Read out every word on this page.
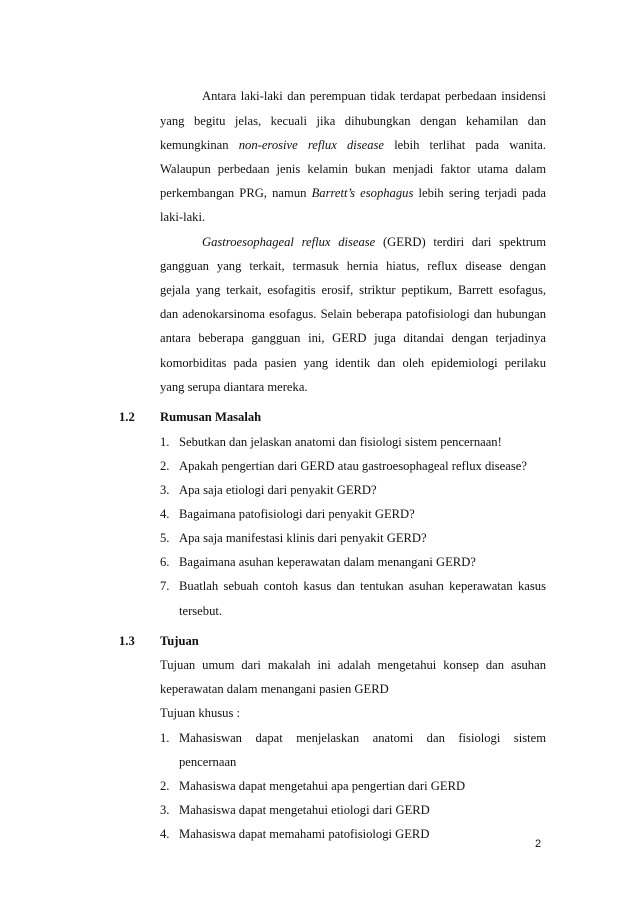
Antara laki-laki dan perempuan tidak terdapat perbedaan insidensi
yang begitu jelas, kecuali jika dihubungkan dengan kehamilan dan
kemungkinan non-erosive reflux disease lebih terlihat pada wanita.
Walaupun perbedaan jenis kelamin bukan menjadi faktor utama dalam
perkembangan PRG, namun Barrett’s esophagus lebih sering terjadi pada
laki-laki.
Gastroesophageal reflux disease (GERD) terdiri dari spektrum
gangguan yang terkait, termasuk hernia hiatus, reflux disease dengan
gejala yang terkait, esofagitis erosif, striktur peptikum, Barrett esofagus,
dan adenokarsinoma esofagus. Selain beberapa patofisiologi dan hubungan
antara beberapa gangguan ini, GERD juga ditandai dengan terjadinya
komorbiditas pada pasien yang identik dan oleh epidemiologi perilaku
yang serupa diantara mereka.
1.2 Rumusan Masalah
1. Sebutkan dan jelaskan anatomi dan fisiologi sistem pencernaan!
2. Apakah pengertian dari GERD atau gastroesophageal reflux disease?
3. Apa saja etiologi dari penyakit GERD?
4. Bagaimana patofisiologi dari penyakit GERD?
5. Apa saja manifestasi klinis dari penyakit GERD?
6. Bagaimana asuhan keperawatan dalam menangani GERD?
7. Buatlah sebuah contoh kasus dan tentukan asuhan keperawatan kasus
tersebut.
1.3 Tujuan
Tujuan umum dari makalah ini adalah mengetahui konsep dan asuhan
keperawatan dalam menangani pasien GERD
Tujuan khusus :
1. Mahasiswan dapat menjelaskan anatomi dan fisiologi sistem
pencernaan
2. Mahasiswa dapat mengetahui apa pengertian dari GERD
3. Mahasiswa dapat mengetahui etiologi dari GERD
4. Mahasiswa dapat memahami patofisiologi GERD
2
